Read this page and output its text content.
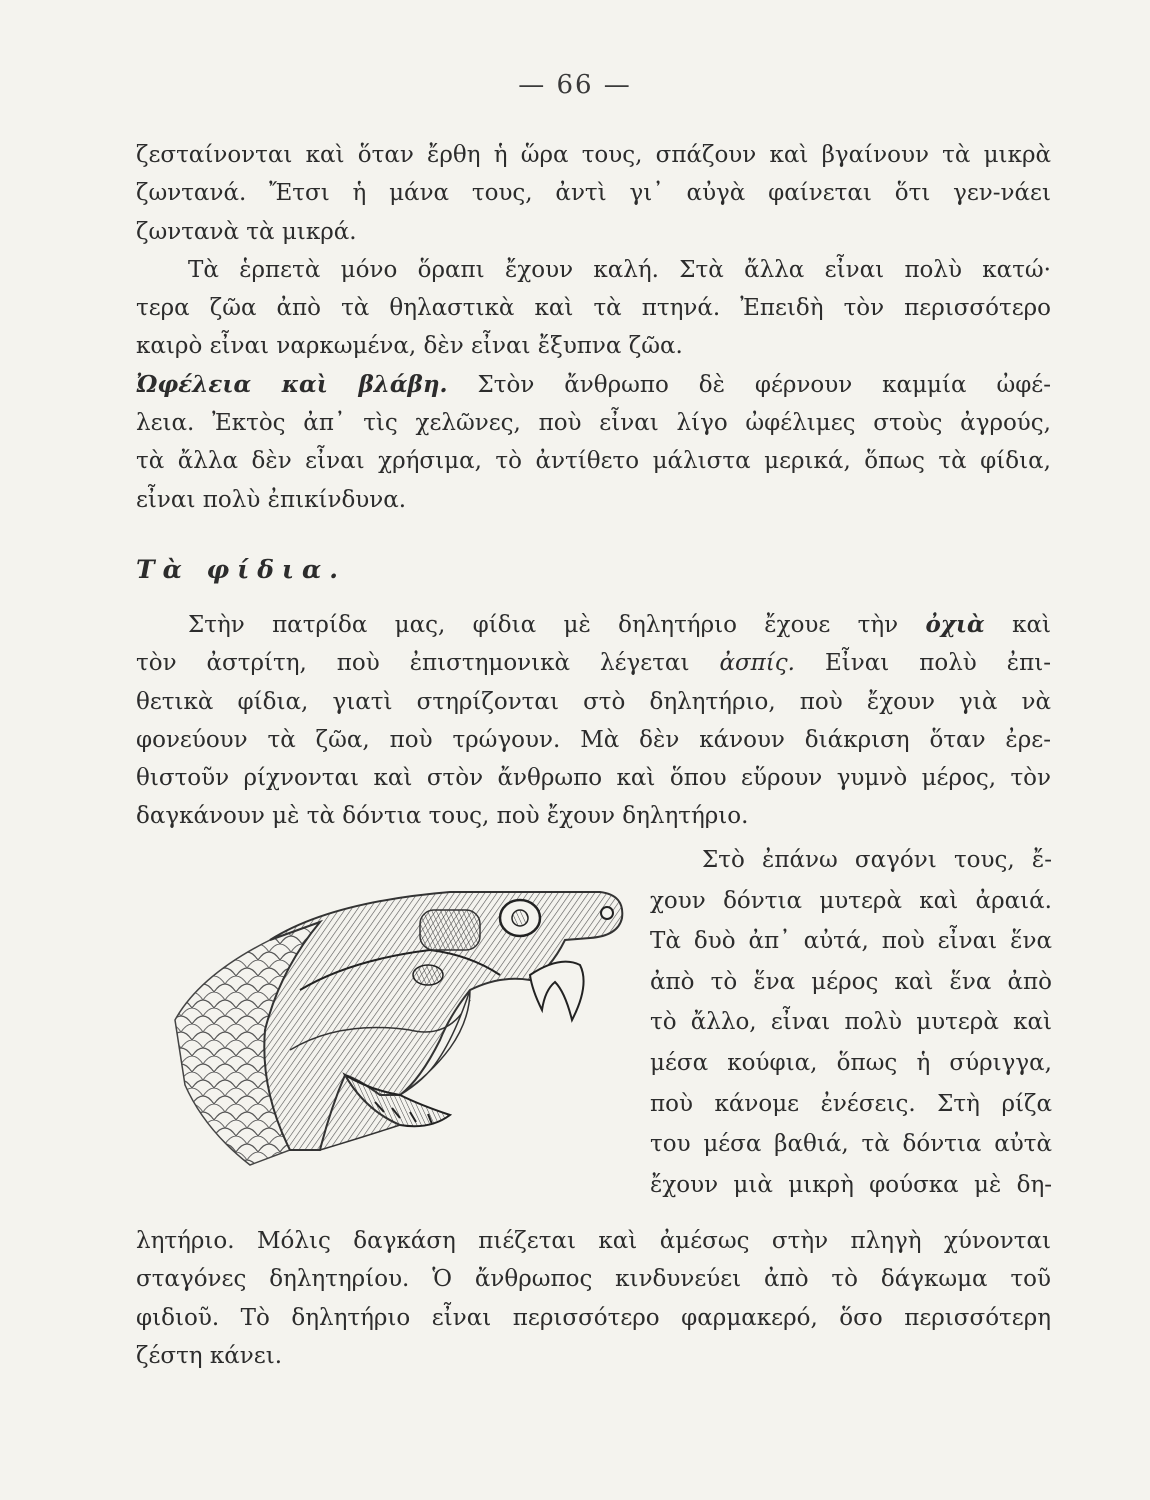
— 66 —
ζεσταίνονται καὶ ὅταν ἔρθη ἡ ὥρα τους, σπάζουν καὶ βγαίνουν τὰ μικρὰ
ζωντανά. Ἔτσι ἡ μάνα τους, ἀντὶ γι᾽ αὐγὰ φαίνεται ὅτι γεν-νάει
ζωντανὰ τὰ μικρά.
Τὰ ἑρπετὰ μόνο ὅραπι ἔχουν καλή. Στὰ ἄλλα εἶναι πολὺ κατώ·
τερα ζῶα ἀπὸ τὰ θηλαστικὰ καὶ τὰ πτηνά. Ἐπειδὴ τὸν περισσότερο
καιρὸ εἶναι ναρκωμένα, δὲν εἶναι ἔξυπνα ζῶα.
Ὠφέλεια καὶ βλάβη. Στὸν ἄνθρωπο δὲ φέρνουν καμμία ὠφέ-
λεια. Ἐκτὸς ἀπ᾽ τὶς χελῶνες, ποὺ εἶναι λίγο ὠφέλιμες στοὺς ἀγρούς,
τὰ ἄλλα δὲν εἶναι χρήσιμα, τὸ ἀντίθετο μάλιστα μερικά, ὅπως τὰ φίδια,
εἶναι πολὺ ἐπικίνδυνα.
Τὰ φίδια.
Στὴν πατρίδα μας, φίδια μὲ δηλητήριο ἔχουε τὴν ὀχιὰ καὶ
τὸν ἀστρίτη, ποὺ ἐπιστημονικὰ λέγεται ἀσπίς. Εἶναι πολὺ ἐπι-
θετικὰ φίδια, γιατὶ στηρίζονται στὸ δηλητήριο, ποὺ ἔχουν γιὰ νὰ
φονεύουν τὰ ζῶα, ποὺ τρώγουν. Μὰ δὲν κάνουν διάκριση ὅταν ἐρε-
θιστοῦν ρίχνονται καὶ στὸν ἄνθρωπο καὶ ὅπου εὕρουν γυμνὸ μέρος, τὸν
δαγκάνουν μὲ τὰ δόντια τους, ποὺ ἔχουν δηλητήριο.
Στὸ ἐπάνω σαγόνι τους, ἔ-
χουν δόντια μυτερὰ καὶ ἀραιά.
Τὰ δυὸ ἀπ᾽ αὐτά, ποὺ εἶναι ἕνα
ἀπὸ τὸ ἕνα μέρος καὶ ἕνα ἀπὸ
τὸ ἄλλο, εἶναι πολὺ μυτερὰ καὶ
μέσα κούφια, ὅπως ἡ σύριγγα,
ποὺ κάνομε ἐνέσεις. Στὴ ρίζα
του μέσα βαθιά, τὰ δόντια αὐτὰ
ἔχουν μιὰ μικρὴ φούσκα μὲ δη-
λητήριο. Μόλις δαγκάση πιέζεται καὶ ἀμέσως στὴν πληγὴ χύνονται
σταγόνες δηλητηρίου. Ὁ ἄνθρωπος κινδυνεύει ἀπὸ τὸ δάγκωμα τοῦ
φιδιοῦ. Τὸ δηλητήριο εἶναι περισσότερο φαρμακερό, ὅσο περισσότερη
ζέστη κάνει.
